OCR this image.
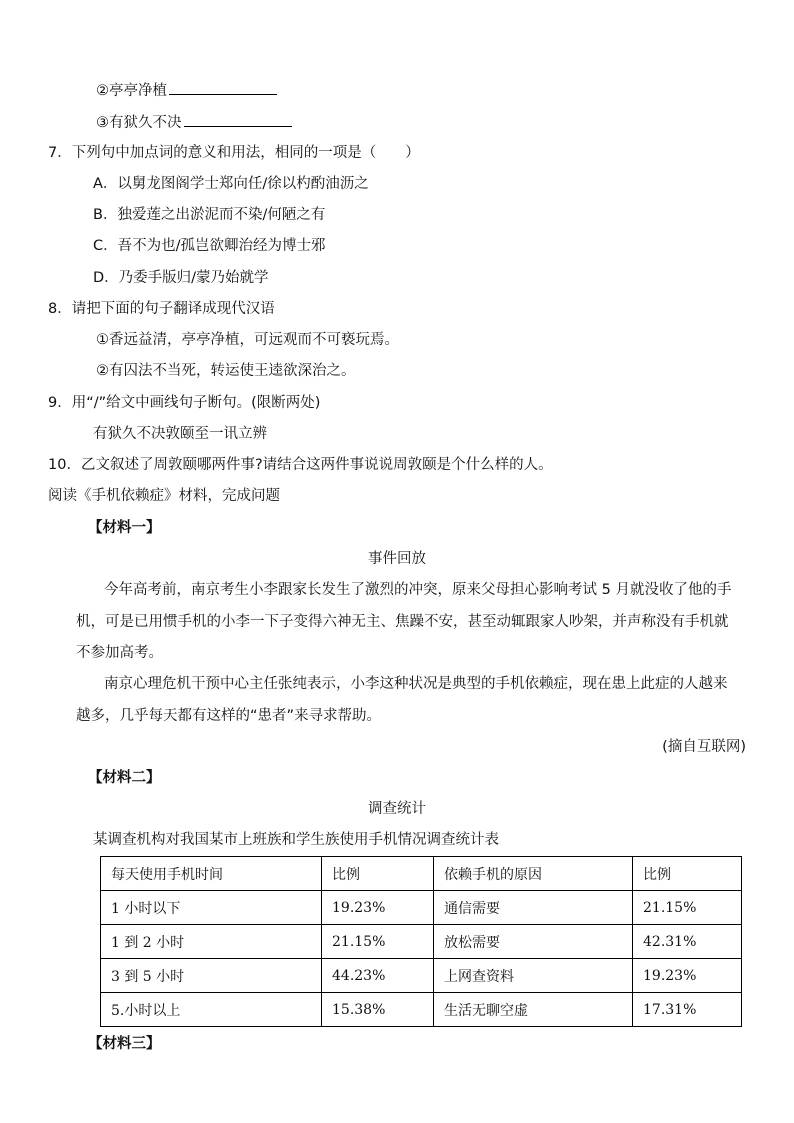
②亭亭净植
③有狱久不决
7．下列句中加点词的意义和用法，相同的一项是（　　）
A．以舅龙图阁学士郑向任/徐以杓酌油沥之
B．独爱莲之出淤泥而不染/何陋之有
C．吾不为也/孤岂欲卿治经为博士邪
D．乃委手版归/蒙乃始就学
8．请把下面的句子翻译成现代汉语
①香远益清，亭亭净植，可远观而不可亵玩焉。
②有囚法不当死，转运使王逵欲深治之。
9．用“/”给文中画线句子断句。(限断两处)
有狱久不决敦颐至一讯立辨
10．乙文叙述了周敦颐哪两件事?请结合这两件事说说周敦颐是个什么样的人。
阅读《手机依赖症》材料，完成问题
【材料一】
事件回放
今年高考前，南京考生小李跟家长发生了激烈的冲突，原来父母担心影响考试 5 月就没收了他的手
机，可是已用惯手机的小李一下子变得六神无主、焦躁不安，甚至动辄跟家人吵架，并声称没有手机就
不参加高考。
南京心理危机干预中心主任张纯表示，小李这种状况是典型的手机依赖症，现在患上此症的人越来
越多，几乎每天都有这样的“患者”来寻求帮助。
(摘自互联网)
【材料二】
调查统计
某调查机构对我国某市上班族和学生族使用手机情况调查统计表
每天使用手机时间	比例	依赖手机的原因	比例
1 小时以下	19.23%	通信需要	21.15%
1 到 2 小时	21.15%	放松需要	42.31%
3 到 5 小时	44.23%	上网查资料	19.23%
5.小时以上	15.38%	生活无聊空虚	17.31%
【材料三】
